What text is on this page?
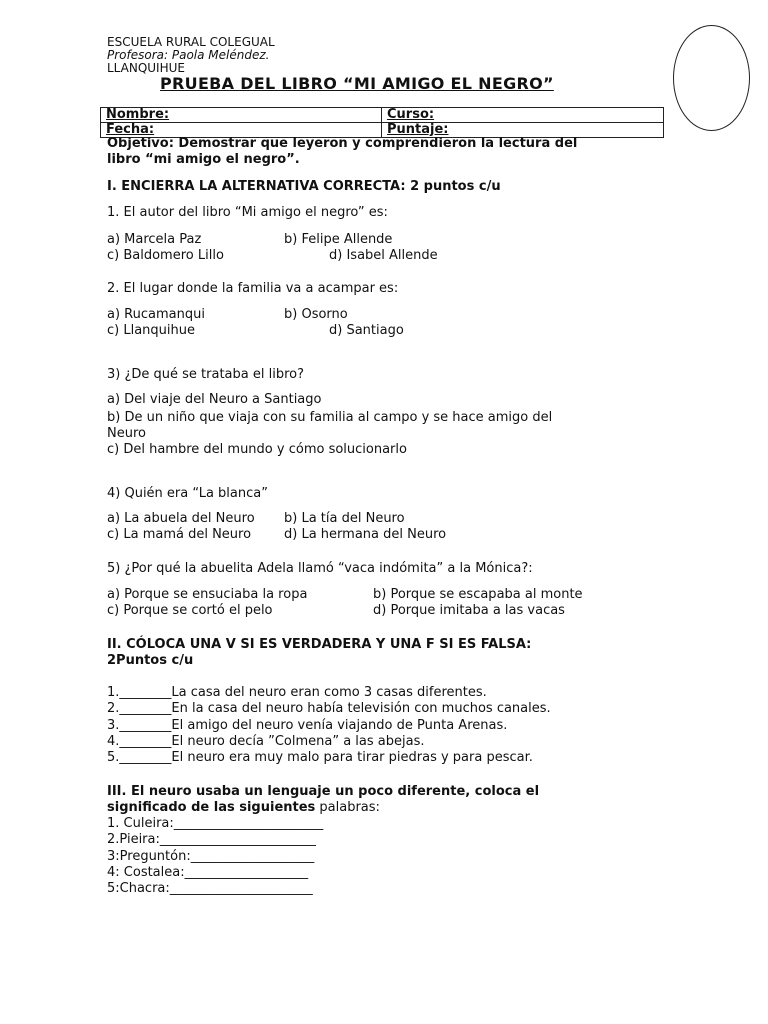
ESCUELA RURAL COLEGUAL
Profesora: Paola Meléndez.
LLANQUIHUE
PRUEBA DEL LIBRO “MI AMIGO EL NEGRO”
Nombre:	Curso:
Fecha:	Puntaje:
Objetivo: Demostrar que leyeron y comprendieron la lectura del
libro “mi amigo el negro”.
I. ENCIERRA LA ALTERNATIVA CORRECTA: 2 puntos c/u
1. El autor del libro “Mi amigo el negro” es:
a) Marcela Paz	b) Felipe Allende
c) Baldomero Lillo	d) Isabel Allende
2. El lugar donde la familia va a acampar es:
a) Rucamanqui	b) Osorno
c) Llanquihue	d) Santiago
3) ¿De qué se trataba el libro?
a) Del viaje del Neuro a Santiago
b) De un niño que viaja con su familia al campo y se hace amigo del
Neuro
c) Del hambre del mundo y cómo solucionarlo
4) Quién era “La blanca”
a) La abuela del Neuro b) La tía del Neuro
c) La mamá del Neuro	d) La hermana del Neuro
5) ¿Por qué la abuelita Adela llamó “vaca indómita” a la Mónica?:
a) Porque se ensuciaba la ropa	b) Porque se escapaba al monte
c) Porque se cortó el pelo	d) Porque imitaba a las vacas
II. CÓLOCA UNA V SI ES VERDADERA Y UNA F SI ES FALSA:
2Puntos c/u
1.________La casa del neuro eran como 3 casas diferentes.
2.________En la casa del neuro había televisión con muchos canales.
3.________El amigo del neuro venía viajando de Punta Arenas.
4.________El neuro decía ”Colmena” a las abejas.
5.________El neuro era muy malo para tirar piedras y para pescar.
III. El neuro usaba un lenguaje un poco diferente, coloca el
significado de las siguientes palabras:
1. Culeira:_______________________
2.Pieira:________________________
3:Preguntón:___________________
4: Costalea:___________________
5:Chacra:______________________
